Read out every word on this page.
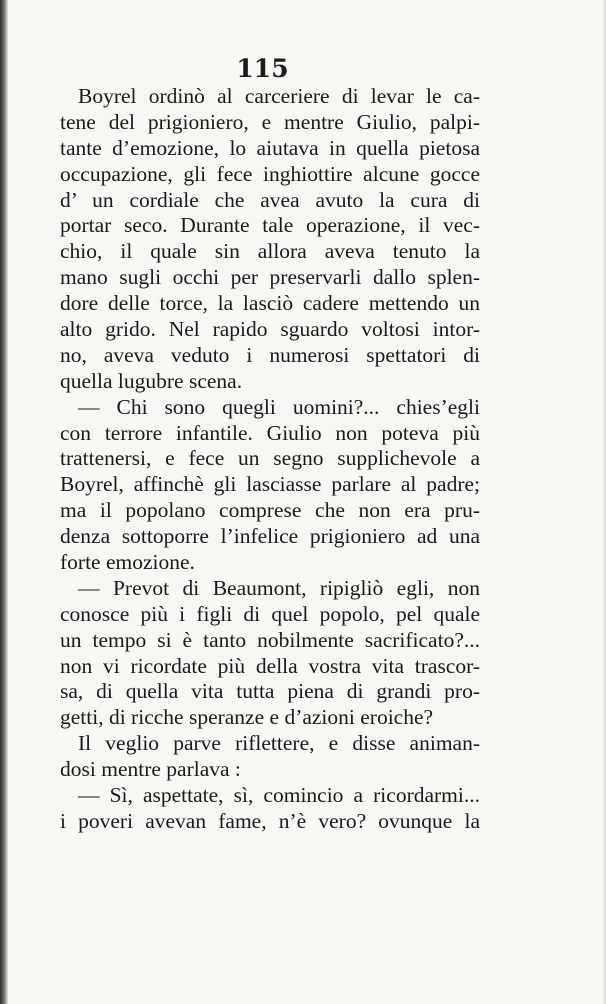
115
Boyrel ordinò al carceriere di levar le ca-
tene del prigioniero, e mentre Giulio, palpi-
tante d’emozione, lo aiutava in quella pietosa
occupazione, gli fece inghiottire alcune gocce
d’ un cordiale che avea avuto la cura di
portar seco. Durante tale operazione, il vec-
chio, il quale sin allora aveva tenuto la
mano sugli occhi per preservarli dallo splen-
dore delle torce, la lasciò cadere mettendo un
alto grido. Nel rapido sguardo voltosi intor-
no, aveva veduto i numerosi spettatori di
quella lugubre scena.
— Chi sono quegli uomini?... chies’egli
con terrore infantile. Giulio non poteva più
trattenersi, e fece un segno supplichevole a
Boyrel, affinchè gli lasciasse parlare al padre;
ma il popolano comprese che non era pru-
denza sottoporre l’infelice prigioniero ad una
forte emozione.
— Prevot di Beaumont, ripigliò egli, non
conosce più i figli di quel popolo, pel quale
un tempo si è tanto nobilmente sacrificato?...
non vi ricordate più della vostra vita trascor-
sa, di quella vita tutta piena di grandi pro-
getti, di ricche speranze e d’azioni eroiche?
Il veglio parve riflettere, e disse animan-
dosi mentre parlava :
— Sì, aspettate, sì, comincio a ricordarmi...
i poveri avevan fame, n’è vero? ovunque la
